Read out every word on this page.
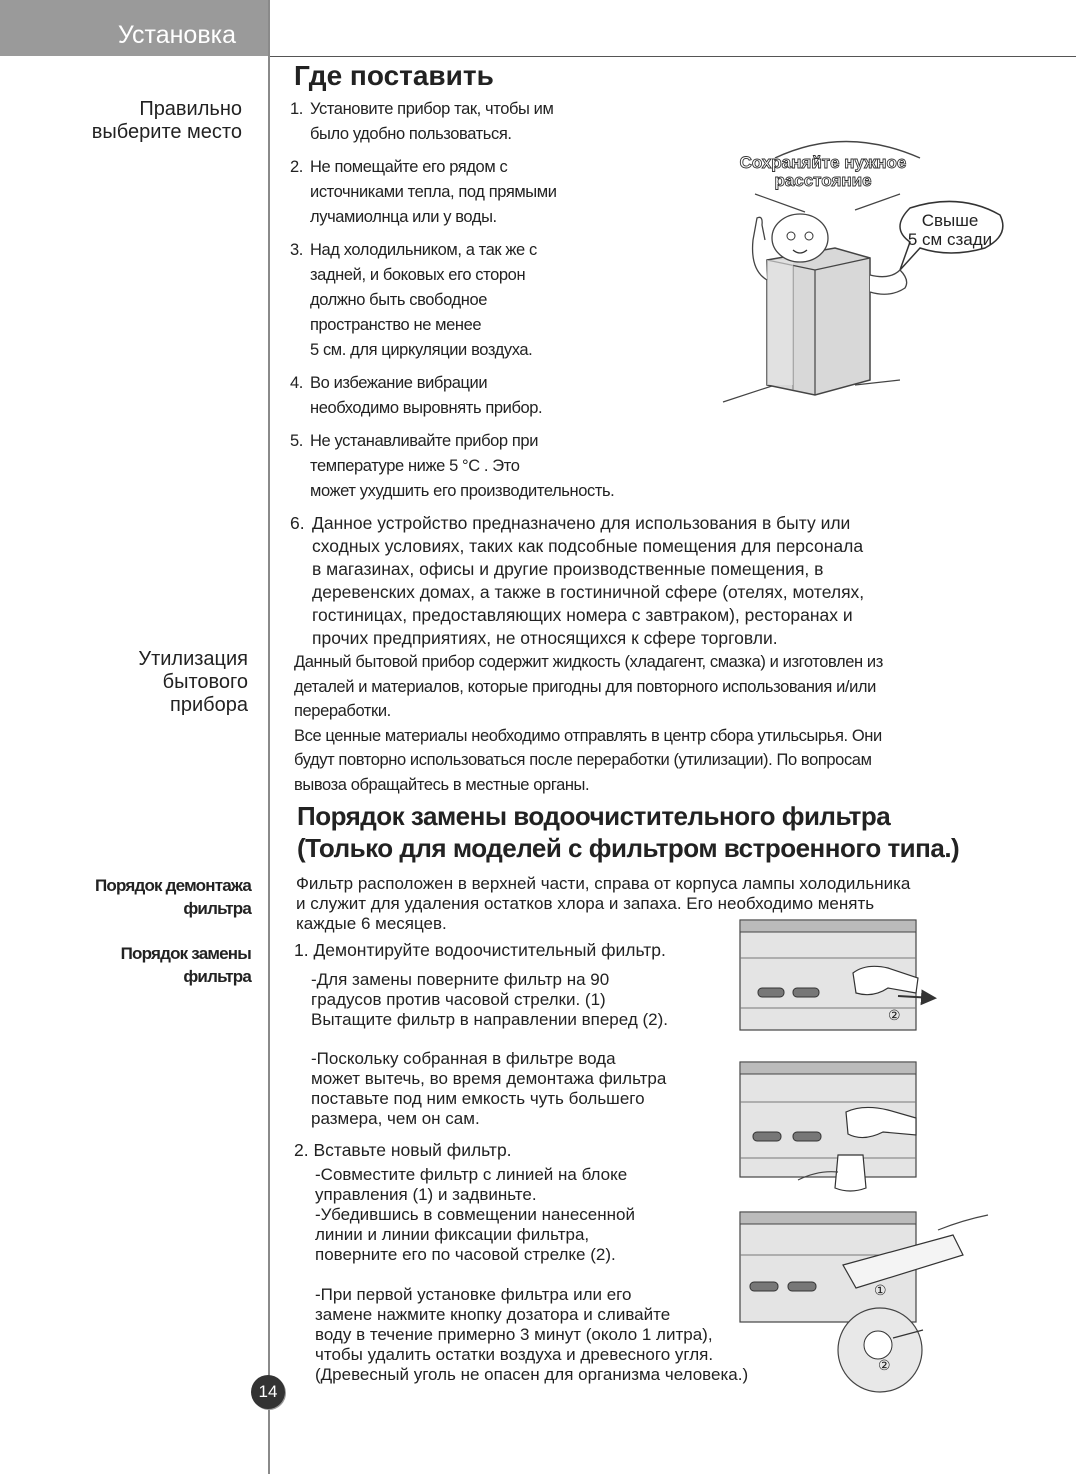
Установка
Правильно
выберите место
Утилизация
бытового
прибора
Порядок демонтажа
фильтра
Порядок замены
фильтра
Где поставить
1. Установите прибор так, чтобы им
было удобно пользоваться.
2. Не помещайте его рядом с
источниками тепла, под прямыми
лучамиолнца или у воды.
3. Над холодильником, а так же с
задней, и боковых его сторон
должно быть свободное
пространство не менее
5 см. для циркуляции воздуха.
4. Во избежание вибрации
необходимо выровнять прибор.
5. Не устанавливайте прибор при
температуре ниже 5 °С . Это
может ухудшить его производительность.
Сохраняйте нужное
расстояние
Свыше
5 см сзади
6. Данное устройство предназначено для использования в быту или
сходных условиях, таких как подсобные помещения для персонала
в магазинах, офисы и другие производственные помещения, в
деревенских домах, а также в гостиничной сфере (отелях, мотелях,
гостиницах, предоставляющих номера с завтраком), ресторанах и
прочих предприятиях, не относящихся к сфере торговли.
Данный бытовой прибор содержит жидкость (хладагент, смазка) и изготовлен из
деталей и материалов, которые пригодны для повторного использования и/или
переработки.
Все ценные материалы необходимо отправлять в центр сбора утильсырья. Они
будут повторно использоваться после переработки (утилизации). По вопросам
вывоза обращайтесь в местные органы.
Порядок замены водоочистительного фильтра
(Только для моделей с фильтром встроенного типа.)
Фильтр расположен в верхней части, справа от корпуса лампы холодильника
и служит для удаления остатков хлора и запаха. Его необходимо менять
каждые 6 месяцев.
1. Демонтируйте водоочистительный фильтр.
-Для замены поверните фильтр на 90
градусов против часовой стрелки. (1)
Вытащите фильтр в направлении вперед (2).
-Поскольку собранная в фильтре вода
может вытечь, во время демонтажа фильтра
поставьте под ним емкость чуть большего
размера, чем он сам.
2. Вставьте новый фильтр.
-Совместите фильтр с линией на блоке
управления (1) и задвиньте.
-Убедившись в совмещении нанесенной
линии и линии фиксации фильтра,
поверните его по часовой стрелке (2).
-При первой установке фильтра или его
замене нажмите кнопку дозатора и сливайте
воду в течение примерно 3 минут (около 1 литра),
чтобы удалить остатки воздуха и древесного угля.
(Древесный уголь не опасен для организма человека.)
②
①
②
14
